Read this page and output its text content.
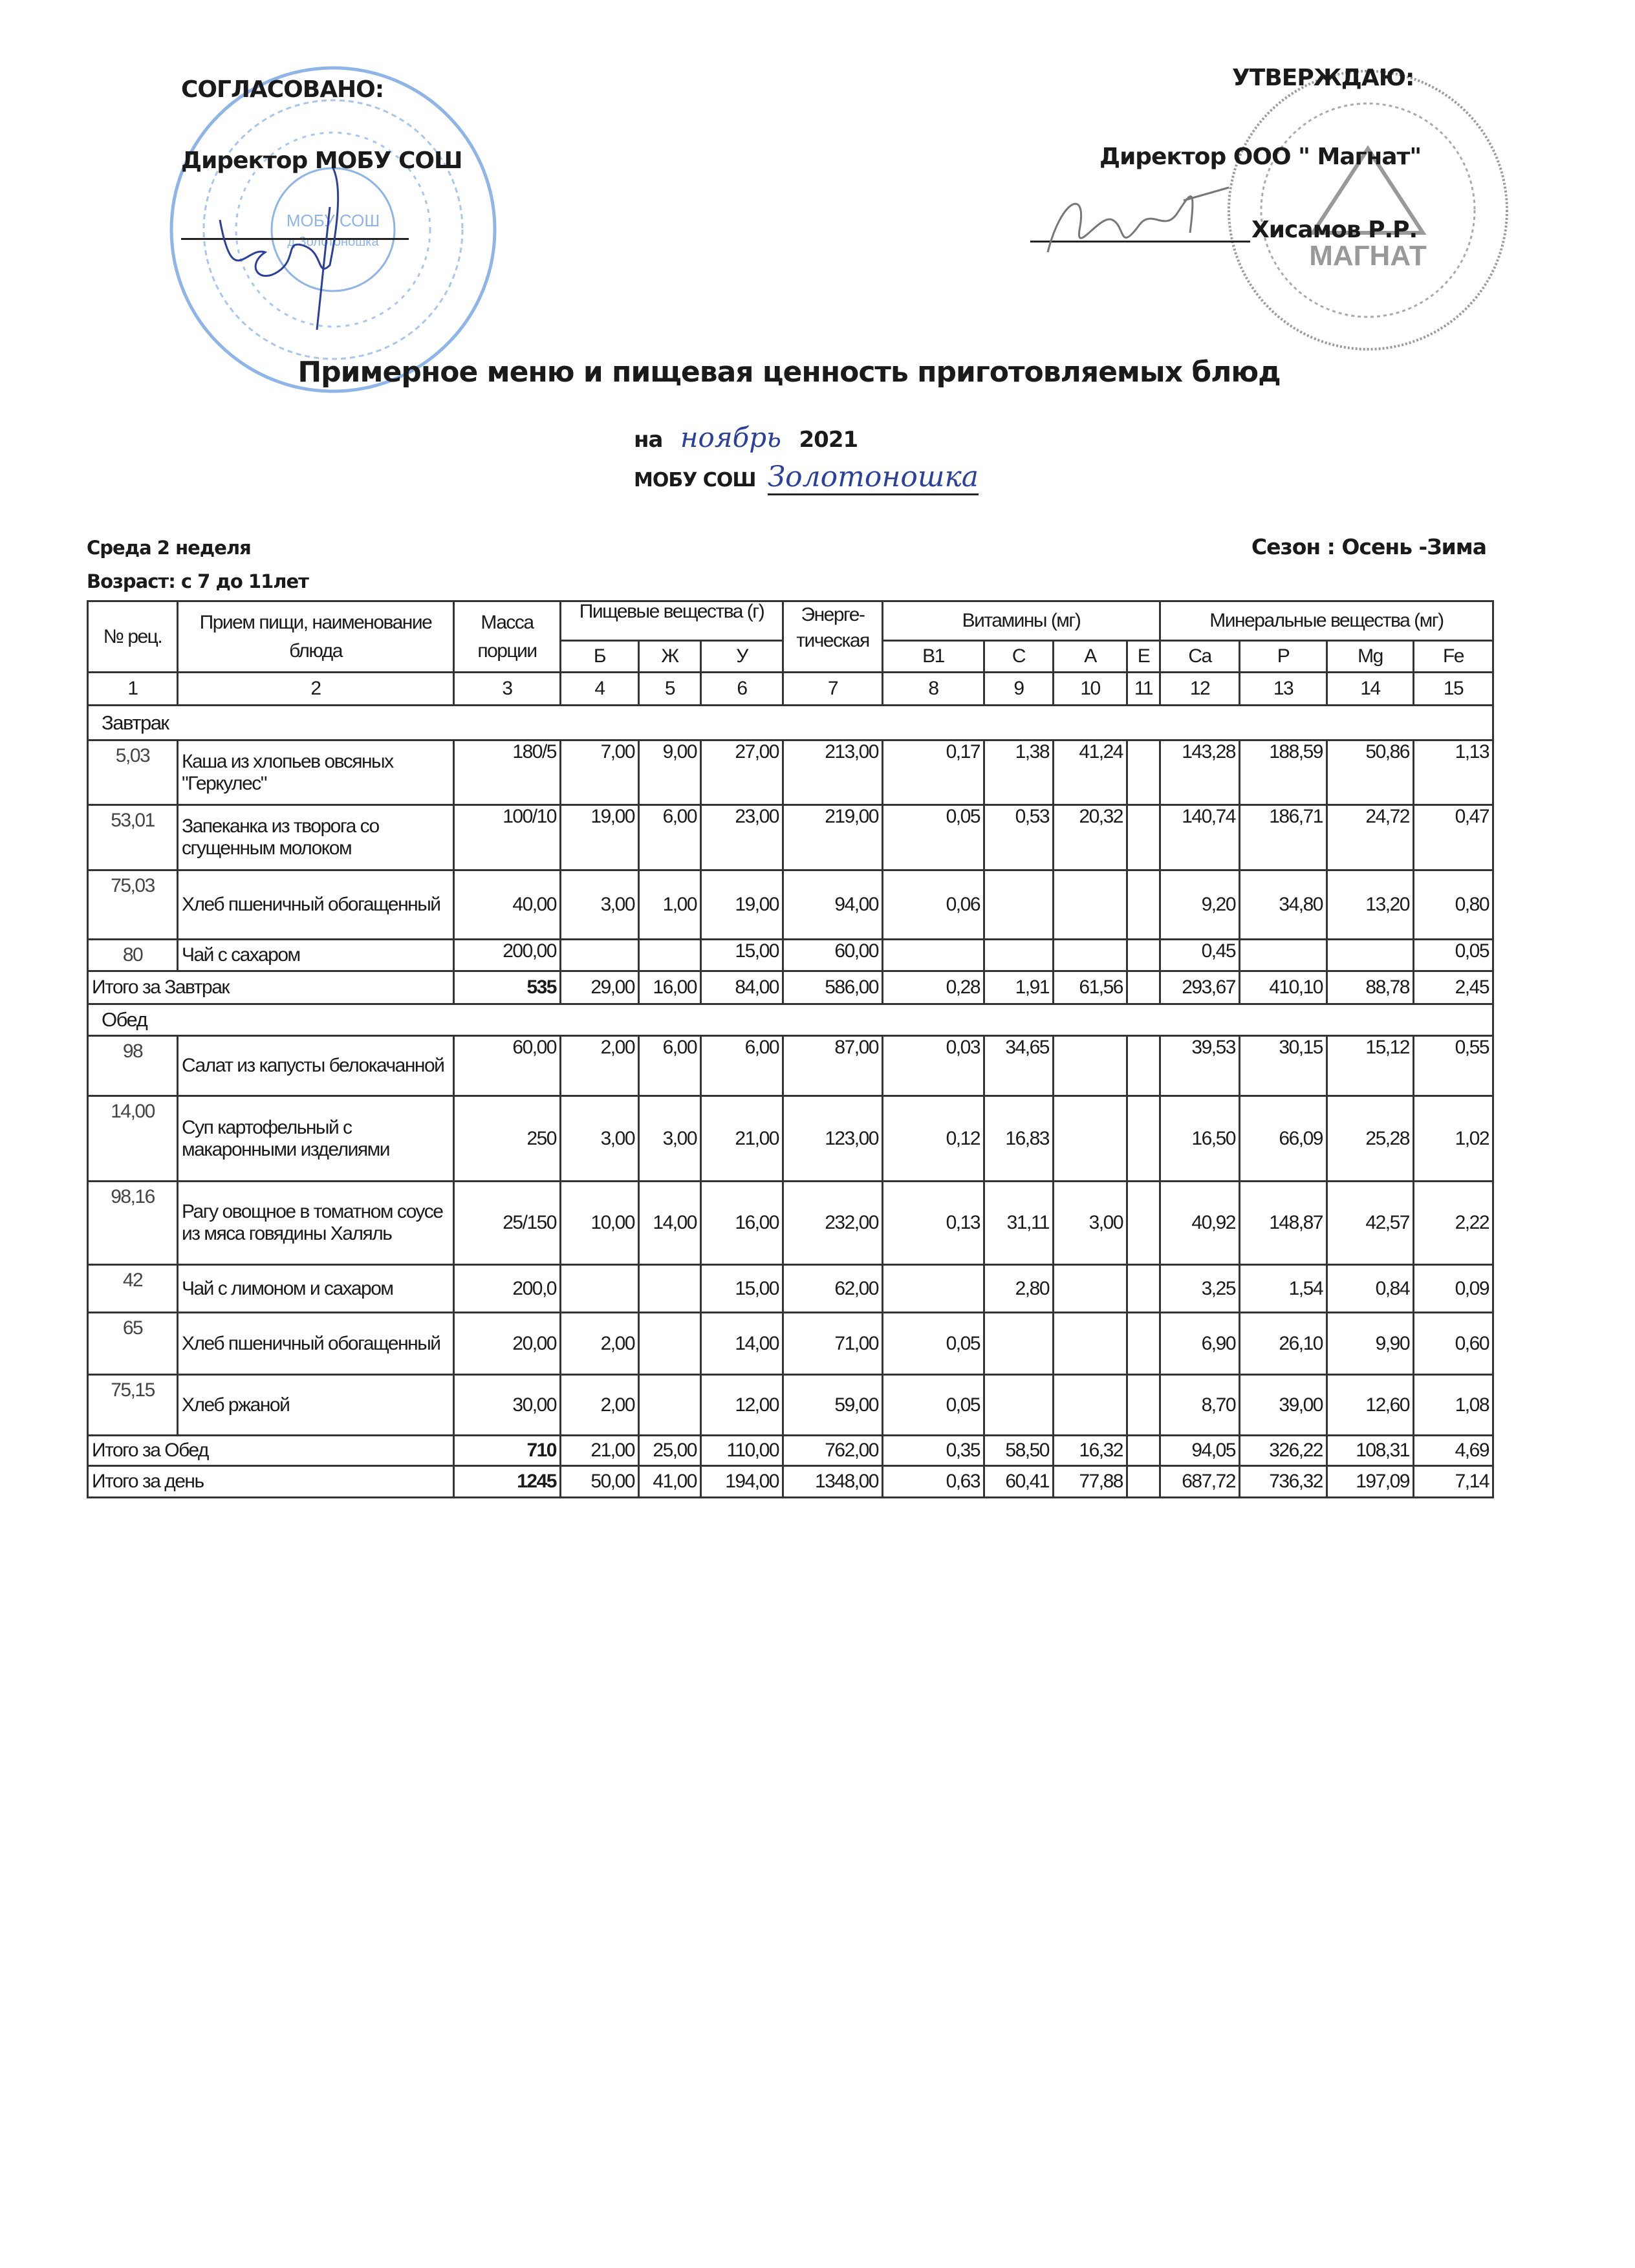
МОБУ СОШ
д.Золотоношка	МАГНАТ
СОГЛАСОВАНО:
Директор МОБУ СОШ
УТВЕРЖДАЮ:
Директор ООО " Магнат"
Хисамов Р.Р.
Примерное меню и пищевая ценность приготовляемых блюд
на ноябрь 2021
МОБУ СОШ Золотоношка
Среда 2 неделя	Сезон : Осень -Зима
Возраст: с 7 до 11лет
№ рец.	Прием пищи, наименование блюда	Масса порции	Пищевые вещества (г)			Энерге-тическая	Витамины (мг)				Минеральные вещества (мг)			
			Б	Ж	У		В1	С	А	Е	Ca	P	Mg	Fe
1	2	3	4	5	6	7	8	9	10	11	12	13	14	15
Завтрак														
5,03	Каша из хлопьев овсяных "Геркулес"	180/5	7,00	9,00	27,00	213,00	0,17	1,38	41,24		143,28	188,59	50,86	1,13
53,01	Запеканка из творога со сгущенным молоком	100/10	19,00	6,00	23,00	219,00	0,05	0,53	20,32		140,74	186,71	24,72	0,47
75,03	Хлеб пшеничный обогащенный	40,00	3,00	1,00	19,00	94,00	0,06				9,20	34,80	13,20	0,80
80	Чай с сахаром	200,00			15,00	60,00					0,45			0,05
Итого за Завтрак		535	29,00	16,00	84,00	586,00	0,28	1,91	61,56		293,67	410,10	88,78	2,45
Обед														
98	Салат из капусты белокачанной	60,00	2,00	6,00	6,00	87,00	0,03	34,65			39,53	30,15	15,12	0,55
14,00	Суп картофельный с макаронными изделиями	250	3,00	3,00	21,00	123,00	0,12	16,83			16,50	66,09	25,28	1,02
98,16	Рагу овощное в томатном соусе из мяса говядины Халяль	25/150	10,00	14,00	16,00	232,00	0,13	31,11	3,00		40,92	148,87	42,57	2,22
42	Чай с лимоном и сахаром	200,0			15,00	62,00		2,80			3,25	1,54	0,84	0,09
65	Хлеб пшеничный обогащенный	20,00	2,00		14,00	71,00	0,05				6,90	26,10	9,90	0,60
75,15	Хлеб ржаной	30,00	2,00		12,00	59,00	0,05				8,70	39,00	12,60	1,08
Итого за Обед		710	21,00	25,00	110,00	762,00	0,35	58,50	16,32		94,05	326,22	108,31	4,69
Итого за день		1245	50,00	41,00	194,00	1348,00	0,63	60,41	77,88		687,72	736,32	197,09	7,14
